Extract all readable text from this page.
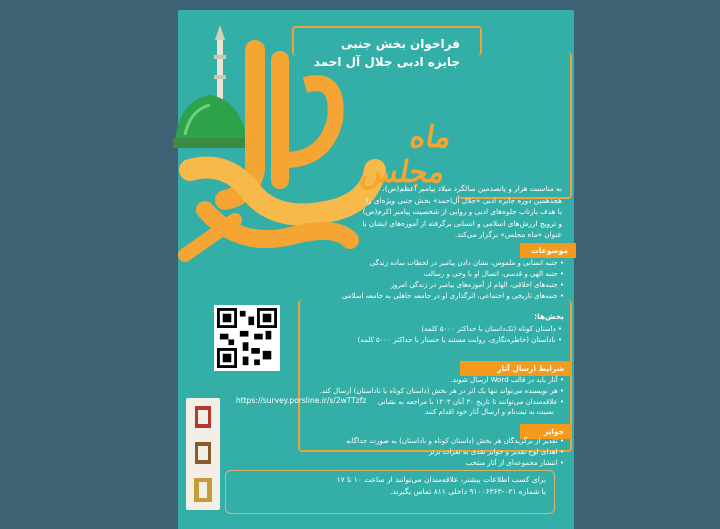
فراخوان بخش جنبی
جایزه ادبی جلال آل احمد
ماه مجلس
به مناسبت هزار و پانصدمین سالگرد میلاد پیامبر اعظم(ص)،
هجدهمین دوره جایزه ادبی «جلال آل‌احمد» بخش جنبی ویژه‌ای را
با هدف بازتاب جلوه‌های ادبی و روایی از شخصیت پیامبر اکرم(ص)
و ترویج ارزش‌های اسلامی و انسانی برگرفته از آموزه‌های ایشان با
عنوان «ماه مجلس» برگزار می‌کند.
موضوعات
• جنبه انسانی و ملموس، نشان دادن پیامبر در لحظات ساده زندگی
• جنبه الهی و قدسی، اتصال او با وحی و رسالت
• جنبه‌های اخلاقی، الهام از آموزه‌های پیامبر در زندگی امروز
• جنبه‌های تاریخی و اجتماعی، اثرگذاری او در جامعه جاهلی به جامعه اسلامی
بخش‌ها:
• داستان کوتاه (تک‌داستان با حداکثر ۵۰۰۰ کلمه)
• ناداستان (خاطره‌نگاری، روایت مستند یا جستار با حداکثر ۵۰۰۰ کلمه)
شرایط ارسال آثار
• آثار باید در قالب Word ارسال شوند.
• هر نویسنده می‌تواند تنها یک اثر در هر بخش (داستان کوتاه یا ناداستان) ارسال کند.
• علاقه‌مندان می‌توانند تا تاریخ ۳۰ آبان ۱۴۰۴ با مراجعه به نشانی
نسبت به ثبت‌نام و ارسال آثار خود اقدام کنند.
https://survey.porsline.ir/s/2wTTzfz
جوایز
• تقدیر از برگزیدگان هر بخش (داستان کوتاه و ناداستان) به صورت جداگانه
• اهدای لوح تقدیر و جوایز نقدی به نفرات برتر
• انتشار مجموعه‌ای از آثار منتخب
برای کسب اطلاعات بیشتر، علاقه‌مندان می‌توانند از ساعت ۱۰ تا ۱۷
با شماره ۰۲۱-۹۱۰۰۶۳۶۳ داخلی ۸۱۱ تماس بگیرند.
